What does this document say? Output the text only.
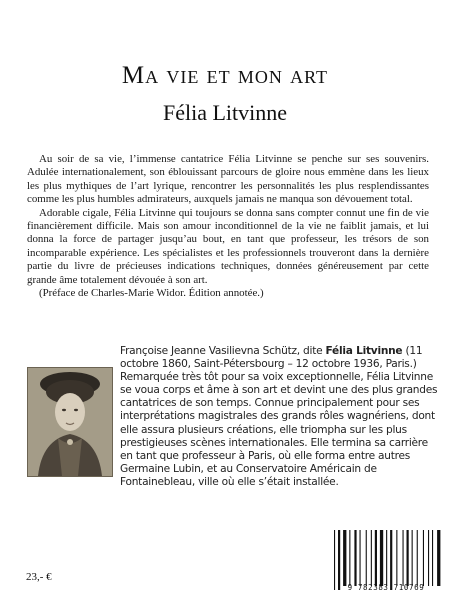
Ma vie et mon art
Félia Litvinne

Au soir de sa vie, l’immense cantatrice Félia Litvinne se penche sur ses souvenirs. Adulée internationalement, son éblouissant parcours de gloire nous emmène dans les lieux les plus mythiques de l’art lyrique, rencontrer les personnalités les plus resplendissantes comme les plus humbles admirateurs, auxquels jamais ne manqua son dévouement total.

Adorable cigale, Félia Litvinne qui toujours se donna sans compter connut une fin de vie financièrement difficile. Mais son amour inconditionnel de la vie ne faiblit jamais, et lui donna la force de partager jusqu’au bout, en tant que professeur, les trésors de son incomparable expérience. Les spécialistes et les professionnels trouveront dans la dernière partie du livre de précieuses indications techniques, données généreusement par cette grande âme totalement dévouée à son art.

(Préface de Charles-Marie Widor. Édition annotée.)

Françoise Jeanne Vasilievna Schütz, dite Félia Litvinne (11 octobre 1860, Saint-Pétersbourg – 12 octobre 1936, Paris.) Remarquée très tôt pour sa voix exceptionnelle, Félia Litvinne se voua corps et âme à son art et devint une des plus grandes cantatrices de son temps. Connue principalement pour ses interprétations magistrales des grands rôles wagnériens, dont elle assura plusieurs créations, elle triompha sur les plus prestigieuses scènes internationales. Elle termina sa carrière en tant que professeur à Paris, où elle forma entre autres Germaine Lubin, et au Conservatoire Américain de Fontainebleau, ville où elle s’était installée.
23,- €
9 782383 710769
